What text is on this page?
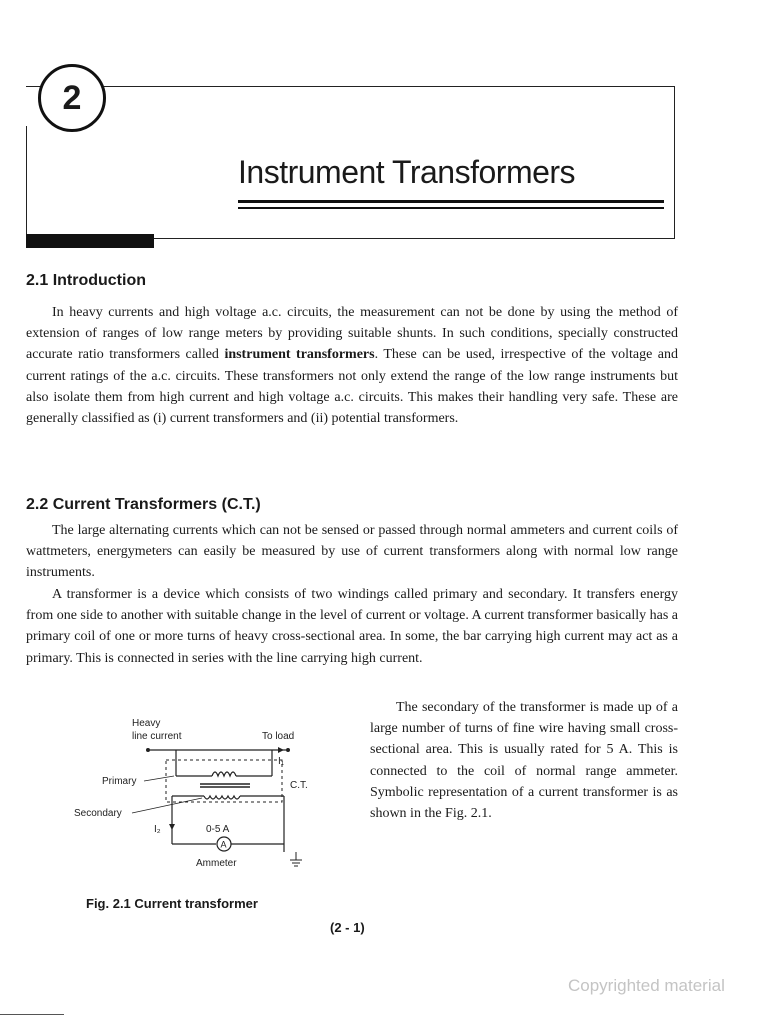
2
Instrument Transformers
2.1 Introduction

In heavy currents and high voltage a.c. circuits, the measurement can not be done by using the method of extension of ranges of low range meters by providing suitable shunts. In such conditions, specially constructed accurate ratio transformers called instrument transformers. These can be used, irrespective of the voltage and current ratings of the a.c. circuits. These transformers not only extend the range of the low range instruments but also isolate them from high current and high voltage a.c. circuits. This makes their handling very safe. These are generally classified as (i) current transformers and (ii) potential transformers.

2.2 Current Transformers (C.T.)

The large alternating currents which can not be sensed or passed through normal ammeters and current coils of wattmeters, energymeters can easily be measured by use of current transformers along with normal low range instruments.

A transformer is a device which consists of two windings called primary and secondary. It transfers energy from one side to another with suitable change in the level of current or voltage. A current transformer basically has a primary coil of one or more turns of heavy cross-sectional area. In some, the bar carrying high current may act as a primary. This is connected in series with the line carrying high current.

The secondary of the transformer is made up of a large number of turns of fine wire having small cross-sectional area. This is usually rated for 5 A. This is connected to the coil of normal range ammeter. Symbolic representation of a current transformer is as shown in the Fig. 2.1.

Heavy
line current	To load
I₁
Primary	C.T.
Secondary
I₂	0-5 A
A
Ammeter
Fig. 2.1 Current transformer
(2 - 1)
Copyrighted material
